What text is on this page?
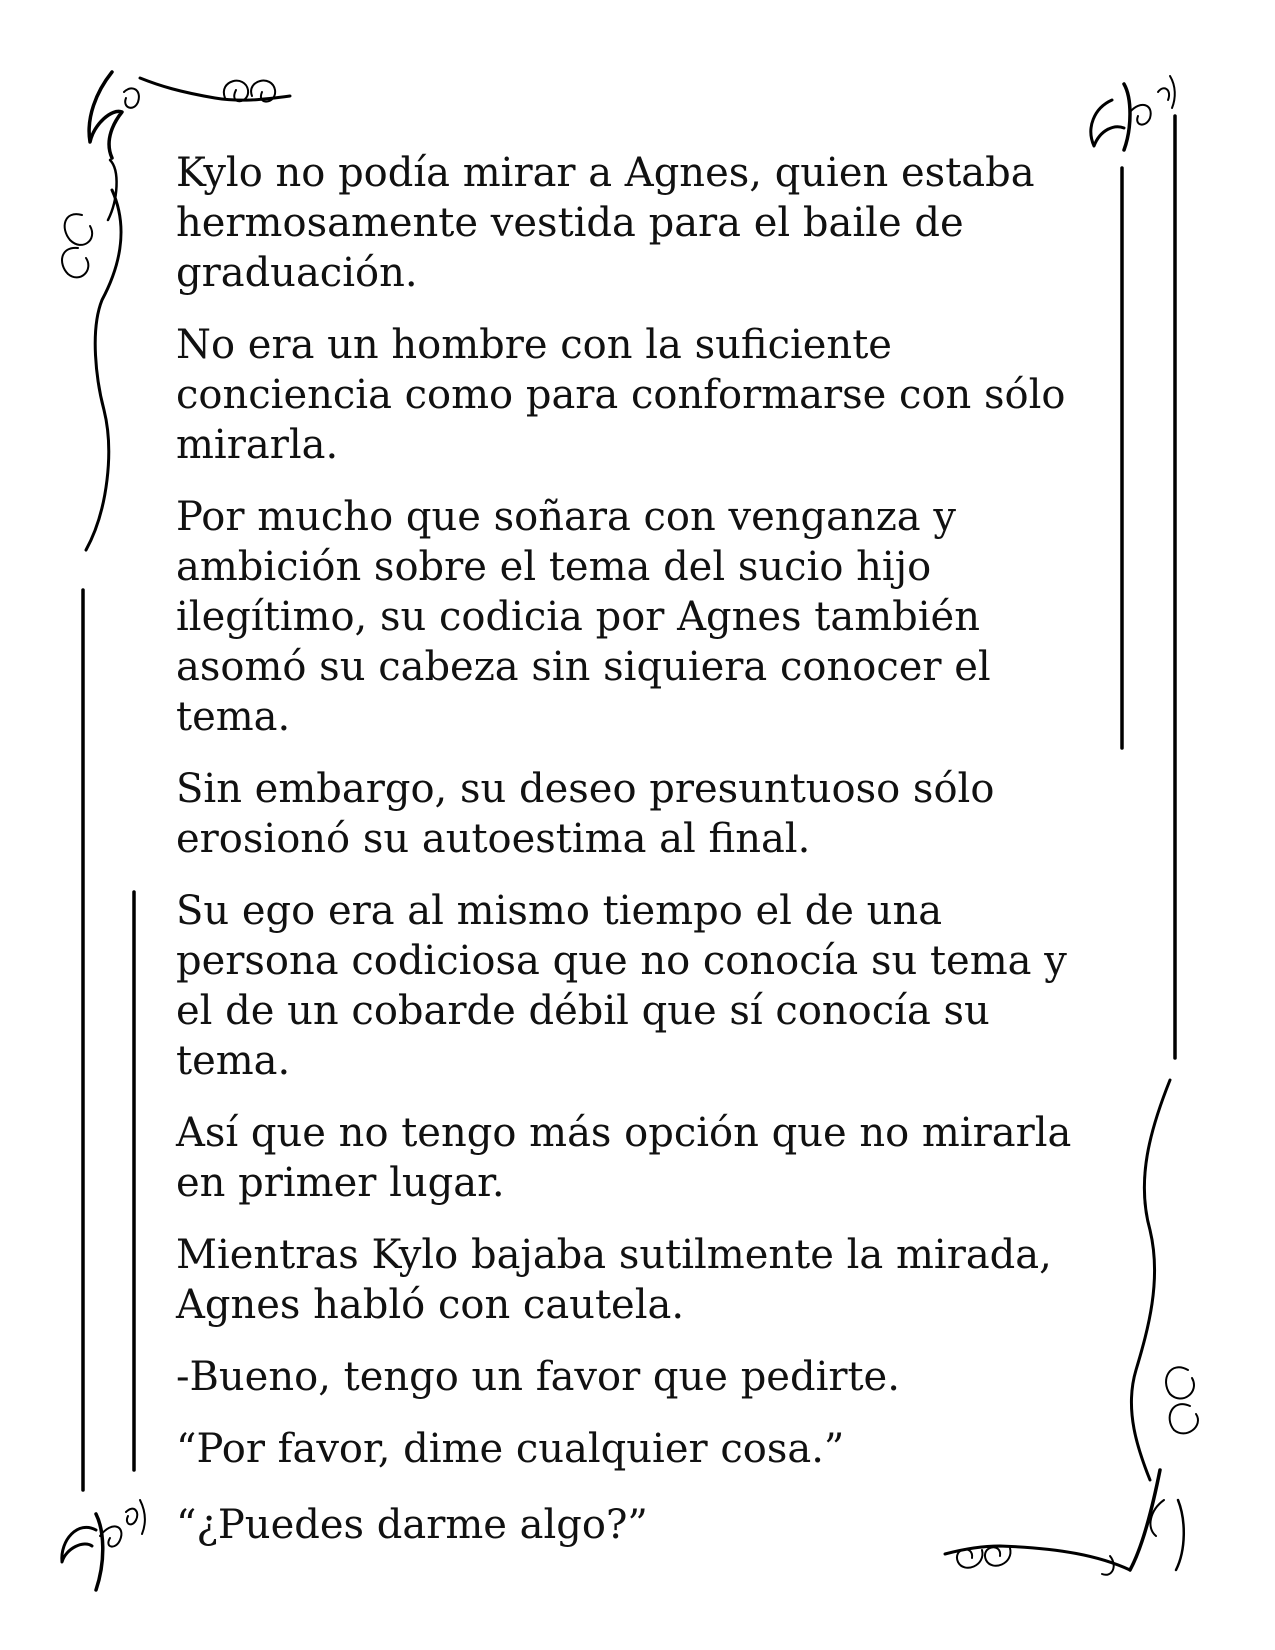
Kylo no podía mirar a Agnes, quien estaba hermosamente vestida para el baile de graduación.

No era un hombre con la suficiente conciencia como para conformarse con sólo mirarla.

Por mucho que soñara con venganza y ambición sobre el tema del sucio hijo ilegítimo, su codicia por Agnes también asomó su cabeza sin siquiera conocer el tema.

Sin embargo, su deseo presuntuoso sólo erosionó su autoestima al final.

Su ego era al mismo tiempo el de una persona codiciosa que no conocía su tema y el de un cobarde débil que sí conocía su tema.

Así que no tengo más opción que no mirarla en primer lugar.

Mientras Kylo bajaba sutilmente la mirada, Agnes habló con cautela.

-Bueno, tengo un favor que pedirte.

“Por favor, dime cualquier cosa.”

“¿Puedes darme algo?”
